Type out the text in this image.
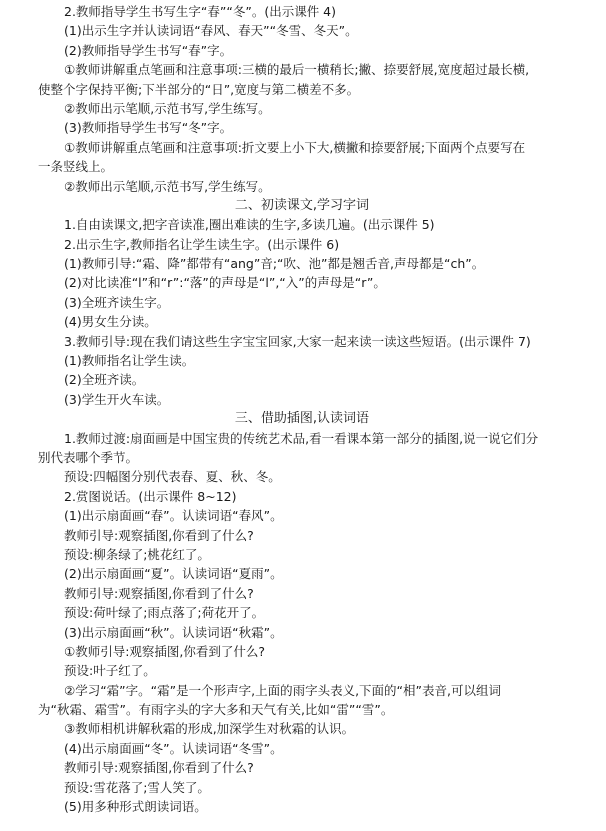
2.教师指导学生书写生字“春”“冬”。(出示课件 4)
(1)出示生字并认读词语“春风、春天”“冬雪、冬天”。
(2)教师指导学生书写“春”字。
①教师讲解重点笔画和注意事项:三横的最后一横稍长;撇、捺要舒展,宽度超过最长横,
使整个字保持平衡;下半部分的“日”,宽度与第二横差不多。
②教师出示笔顺,示范书写,学生练写。
(3)教师指导学生书写“冬”字。
①教师讲解重点笔画和注意事项:折文要上小下大,横撇和捺要舒展;下面两个点要写在
一条竖线上。
②教师出示笔顺,示范书写,学生练写。
二、初读课文,学习字词
1.自由读课文,把字音读准,圈出难读的生字,多读几遍。(出示课件 5)
2.出示生字,教师指名让学生读生字。(出示课件 6)
(1)教师引导:“霜、降”都带有“ang”音;“吹、池”都是翘舌音,声母都是“ch”。
(2)对比读准“l”和“r”:“落”的声母是“l”,“入”的声母是“r”。
(3)全班齐读生字。
(4)男女生分读。
3.教师引导:现在我们请这些生字宝宝回家,大家一起来读一读这些短语。(出示课件 7)
(1)教师指名让学生读。
(2)全班齐读。
(3)学生开火车读。
三、借助插图,认读词语
1.教师过渡:扇面画是中国宝贵的传统艺术品,看一看课本第一部分的插图,说一说它们分
别代表哪个季节。
预设:四幅图分别代表春、夏、秋、冬。
2.赏图说话。(出示课件 8~12)
(1)出示扇面画“春”。认读词语“春风”。
教师引导:观察插图,你看到了什么?
预设:柳条绿了;桃花红了。
(2)出示扇面画“夏”。认读词语“夏雨”。
教师引导:观察插图,你看到了什么?
预设:荷叶绿了;雨点落了;荷花开了。
(3)出示扇面画“秋”。认读词语“秋霜”。
①教师引导:观察插图,你看到了什么?
预设:叶子红了。
②学习“霜”字。“霜”是一个形声字,上面的雨字头表义,下面的“相”表音,可以组词
为“秋霜、霜雪”。有雨字头的字大多和天气有关,比如“雷”“雪”。
③教师相机讲解秋霜的形成,加深学生对秋霜的认识。
(4)出示扇面画“冬”。认读词语“冬雪”。
教师引导:观察插图,你看到了什么?
预设:雪花落了;雪人笑了。
(5)用多种形式朗读词语。
